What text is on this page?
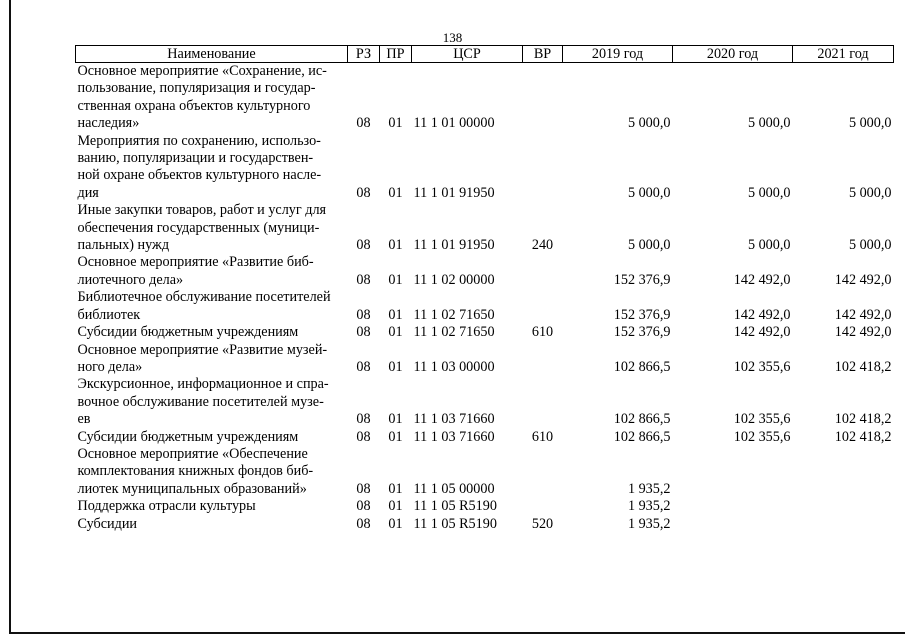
138
Наименование	РЗ	ПР	ЦСР	ВР	2019 год	2020 год	2021 год

Основное мероприятие «Сохранение, ис-
пользование, популяризация и государ-
ственная охрана объектов культурного
наследия»	08	01	11 1 01 00000		5 000,0	5 000,0	5 000,0

Мероприятия по сохранению, использо-
ванию, популяризации и государствен-
ной охране объектов культурного насле-
дия	08	01	11 1 01 91950		5 000,0	5 000,0	5 000,0

Иные закупки товаров, работ и услуг для
обеспечения государственных (муници-
пальных) нужд	08	01	11 1 01 91950	240	5 000,0	5 000,0	5 000,0

Основное мероприятие «Развитие биб-
лиотечного дела»	08	01	11 1 02 00000		152 376,9	142 492,0	142 492,0

Библиотечное обслуживание посетителей
библиотек	08	01	11 1 02 71650		152 376,9	142 492,0	142 492,0

Субсидии бюджетным учреждениям	08	01	11 1 02 71650	610	152 376,9	142 492,0	142 492,0

Основное мероприятие «Развитие музей-
ного дела»	08	01	11 1 03 00000		102 866,5	102 355,6	102 418,2

Экскурсионное, информационное и спра-
вочное обслуживание посетителей музе-
ев	08	01	11 1 03 71660		102 866,5	102 355,6	102 418,2

Субсидии бюджетным учреждениям	08	01	11 1 03 71660	610	102 866,5	102 355,6	102 418,2

Основное мероприятие «Обеспечение
комплектования книжных фондов биб-
лиотек муниципальных образований»	08	01	11 1 05 00000		1 935,2		

Поддержка отрасли культуры	08	01	11 1 05 R5190		1 935,2		

Субсидии	08	01	11 1 05 R5190	520	1 935,2		
